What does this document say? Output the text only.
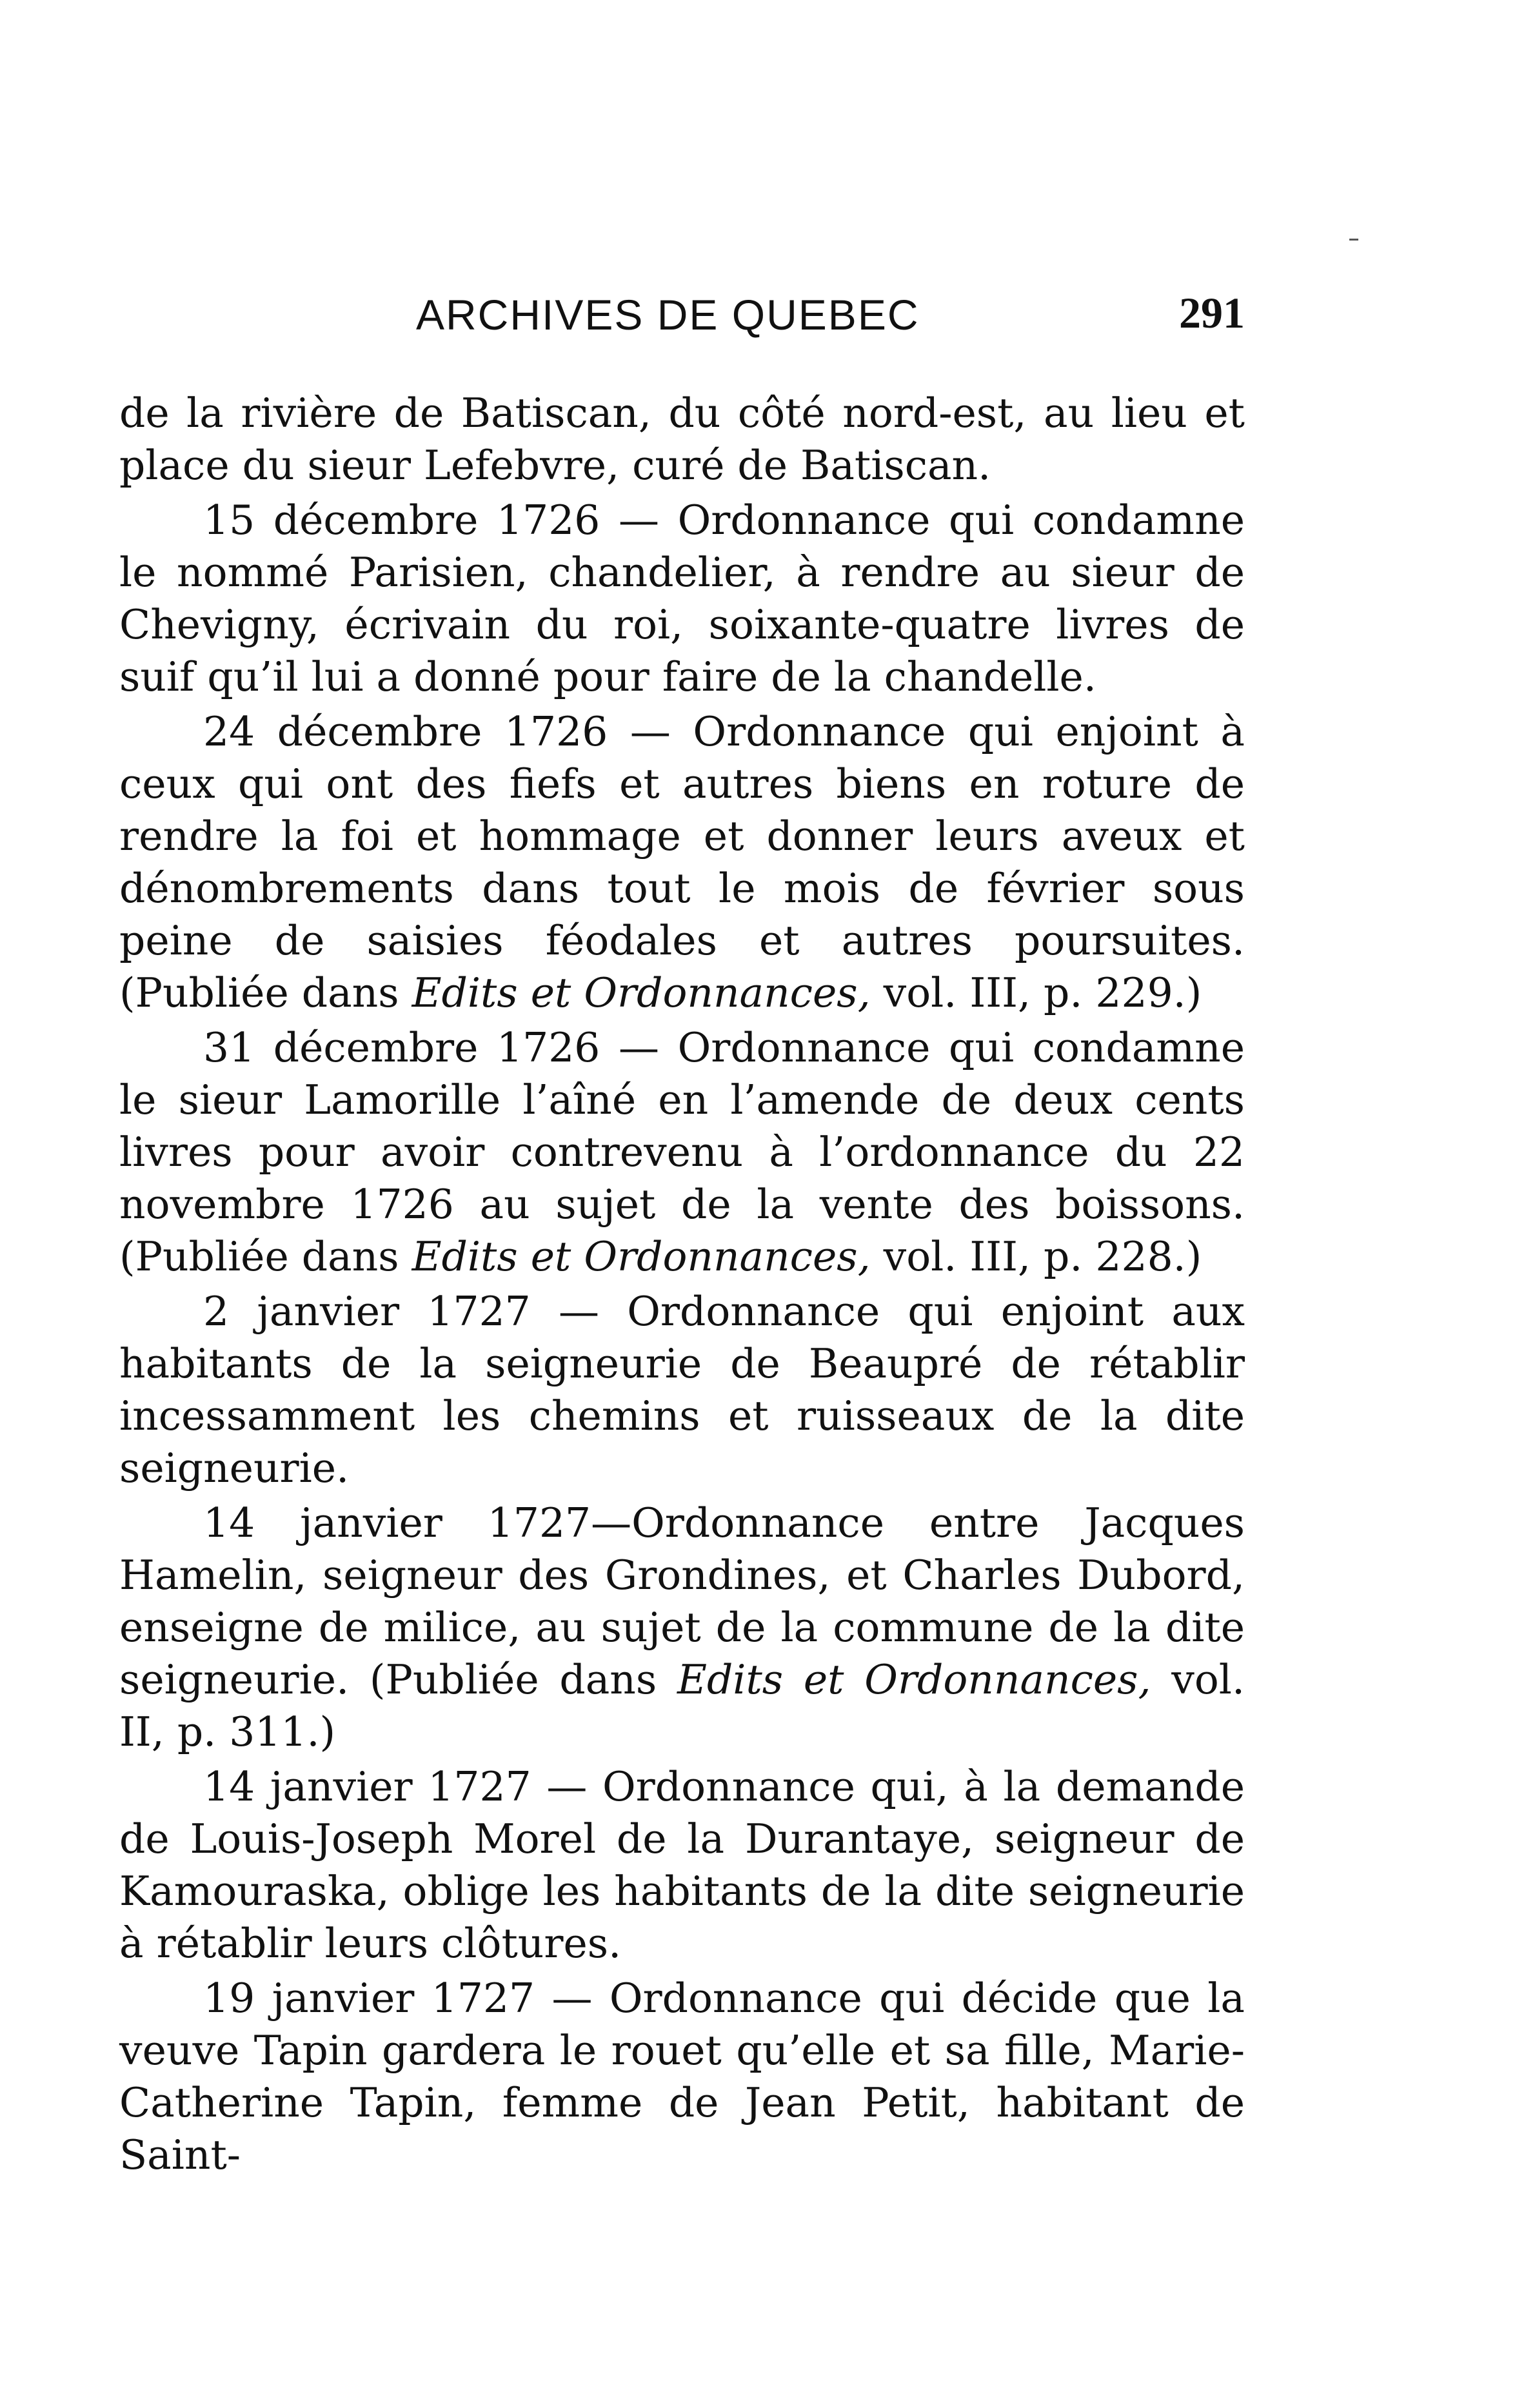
ARCHIVES DE QUEBEC	291

de la rivière de Batiscan, du côté nord-est, au lieu et place du sieur Lefebvre, curé de Batiscan.

15 décembre 1726 — Ordonnance qui condamne le nommé Parisien, chandelier, à rendre au sieur de Chevigny, écrivain du roi, soixante-quatre livres de suif qu’il lui a donné pour faire de la chandelle.

24 décembre 1726 — Ordonnance qui enjoint à ceux qui ont des fiefs et autres biens en roture de rendre la foi et hommage et donner leurs aveux et dénombrements dans tout le mois de février sous peine de saisies féodales et autres poursuites. (Publiée dans Edits et Ordonnances, vol. III, p. 229.)

31 décembre 1726 — Ordonnance qui condamne le sieur Lamorille l’aîné en l’amende de deux cents livres pour avoir contrevenu à l’ordonnance du 22 novembre 1726 au sujet de la vente des boissons. (Publiée dans Edits et Ordonnances, vol. III, p. 228.)

2 janvier 1727 — Ordonnance qui enjoint aux habitants de la seigneurie de Beaupré de rétablir incessamment les chemins et ruisseaux de la dite seigneurie.

14 janvier 1727—Ordonnance entre Jacques Hamelin, seigneur des Grondines, et Charles Dubord, enseigne de milice, au sujet de la commune de la dite seigneurie. (Publiée dans Edits et Ordonnances, vol. II, p. 311.)

14 janvier 1727 — Ordonnance qui, à la demande de Louis-Joseph Morel de la Durantaye, seigneur de Kamouraska, oblige les habitants de la dite seigneurie à rétablir leurs clôtures.

19 janvier 1727 — Ordonnance qui décide que la veuve Tapin gardera le rouet qu’elle et sa fille, Marie-Catherine Tapin, femme de Jean Petit, habitant de Saint-
